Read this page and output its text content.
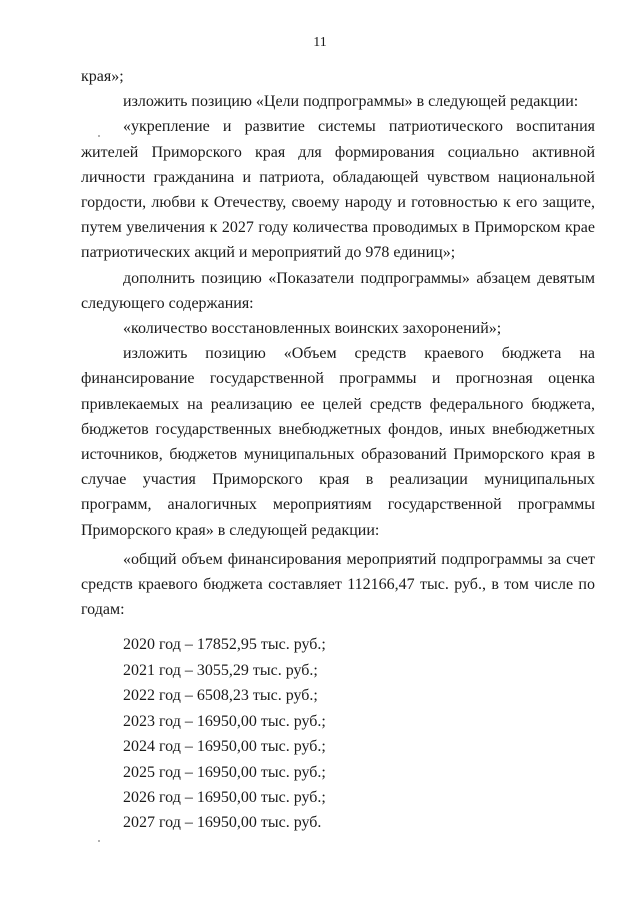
11

края»;

изложить позицию «Цели подпрограммы» в следующей редакции:

«укрепление и развитие системы патриотического воспитания жителей Приморского края для формирования социально активной личности гражданина и патриота, обладающей чувством национальной гордости, любви к Отечеству, своему народу и готовностью к его защите, путем увеличения к 2027 году количества проводимых в Приморском крае патриотических акций и мероприятий до 978 единиц»;

дополнить позицию «Показатели подпрограммы» абзацем девятым следующего содержания:

«количество восстановленных воинских захоронений»;

изложить позицию «Объем средств краевого бюджета на финансирование государственной программы и прогнозная оценка привлекаемых на реализацию ее целей средств федерального бюджета, бюджетов государственных внебюджетных фондов, иных внебюджетных источников, бюджетов муниципальных образований Приморского края в случае участия Приморского края в реализации муниципальных программ, аналогичных мероприятиям государственной программы Приморского края» в следующей редакции:

«общий объем финансирования мероприятий подпрограммы за счет средств краевого бюджета составляет 112166,47 тыс. руб., в том числе по годам:

2020 год – 17852,95 тыс. руб.;

2021 год – 3055,29 тыс. руб.;

2022 год – 6508,23 тыс. руб.;

2023 год – 16950,00 тыс. руб.;

2024 год – 16950,00 тыс. руб.;

2025 год – 16950,00 тыс. руб.;

2026 год – 16950,00 тыс. руб.;

2027 год – 16950,00 тыс. руб.
